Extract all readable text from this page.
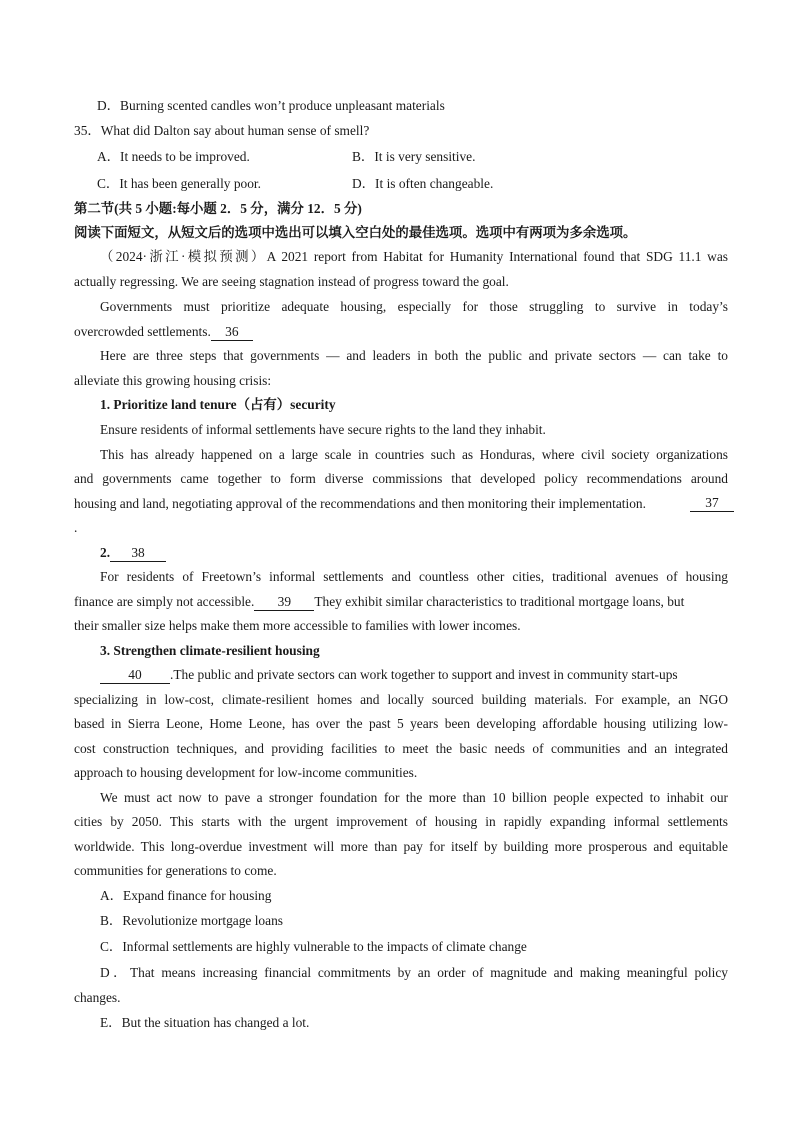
D．Burning scented candles won’t produce unpleasant materials
35．What did Dalton say about human sense of smell?
A．It needs to be improved.	B．It is very sensitive.
C．It has been generally poor.	D．It is often changeable.
第二节(共 5 小题:每小题 2．5 分，满分 12．5 分)
阅读下面短文，从短文后的选项中选出可以填入空白处的最佳选项。选项中有两项为多余选项。
（2024·浙江·模拟预测）A 2021 report from Habitat for Humanity International found that SDG 11.1 was
actually regressing. We are seeing stagnation instead of progress toward the goal.
Governments must prioritize adequate housing, especially for those struggling to survive in today’s
overcrowded settlements. 36
Here are three steps that governments — and leaders in both the public and private sectors — can take to
alleviate this growing housing crisis:
1. Prioritize land tenure（占有）security
Ensure residents of informal settlements have secure rights to the land they inhabit.
This has already happened on a large scale in countries such as Honduras, where civil society organizations
and governments came together to form diverse commissions that developed policy recommendations around
housing and land, negotiating approval of the recommendations and then monitoring their implementation.	37
.
2. 38
For residents of Freetown’s informal settlements and countless other cities, traditional avenues of housing
finance are simply not accessible. 39 They exhibit similar characteristics to traditional mortgage loans, but
their smaller size helps make them more accessible to families with lower incomes.
3. Strengthen climate-resilient housing
40 .The public and private sectors can work together to support and invest in community start-ups
specializing in low-cost, climate-resilient homes and locally sourced building materials. For example, an NGO
based in Sierra Leone, Home Leone, has over the past 5 years been developing affordable housing utilizing low-
cost construction techniques, and providing facilities to meet the basic needs of communities and an integrated
approach to housing development for low-income communities.
We must act now to pave a stronger foundation for the more than 10 billion people expected to inhabit our
cities by 2050. This starts with the urgent improvement of housing in rapidly expanding informal settlements
worldwide. This long-overdue investment will more than pay for itself by building more prosperous and equitable
communities for generations to come.
A．Expand finance for housing
B．Revolutionize mortgage loans
C．Informal settlements are highly vulnerable to the impacts of climate change
D．That means increasing financial commitments by an order of magnitude and making meaningful policy
changes.
E．But the situation has changed a lot.
